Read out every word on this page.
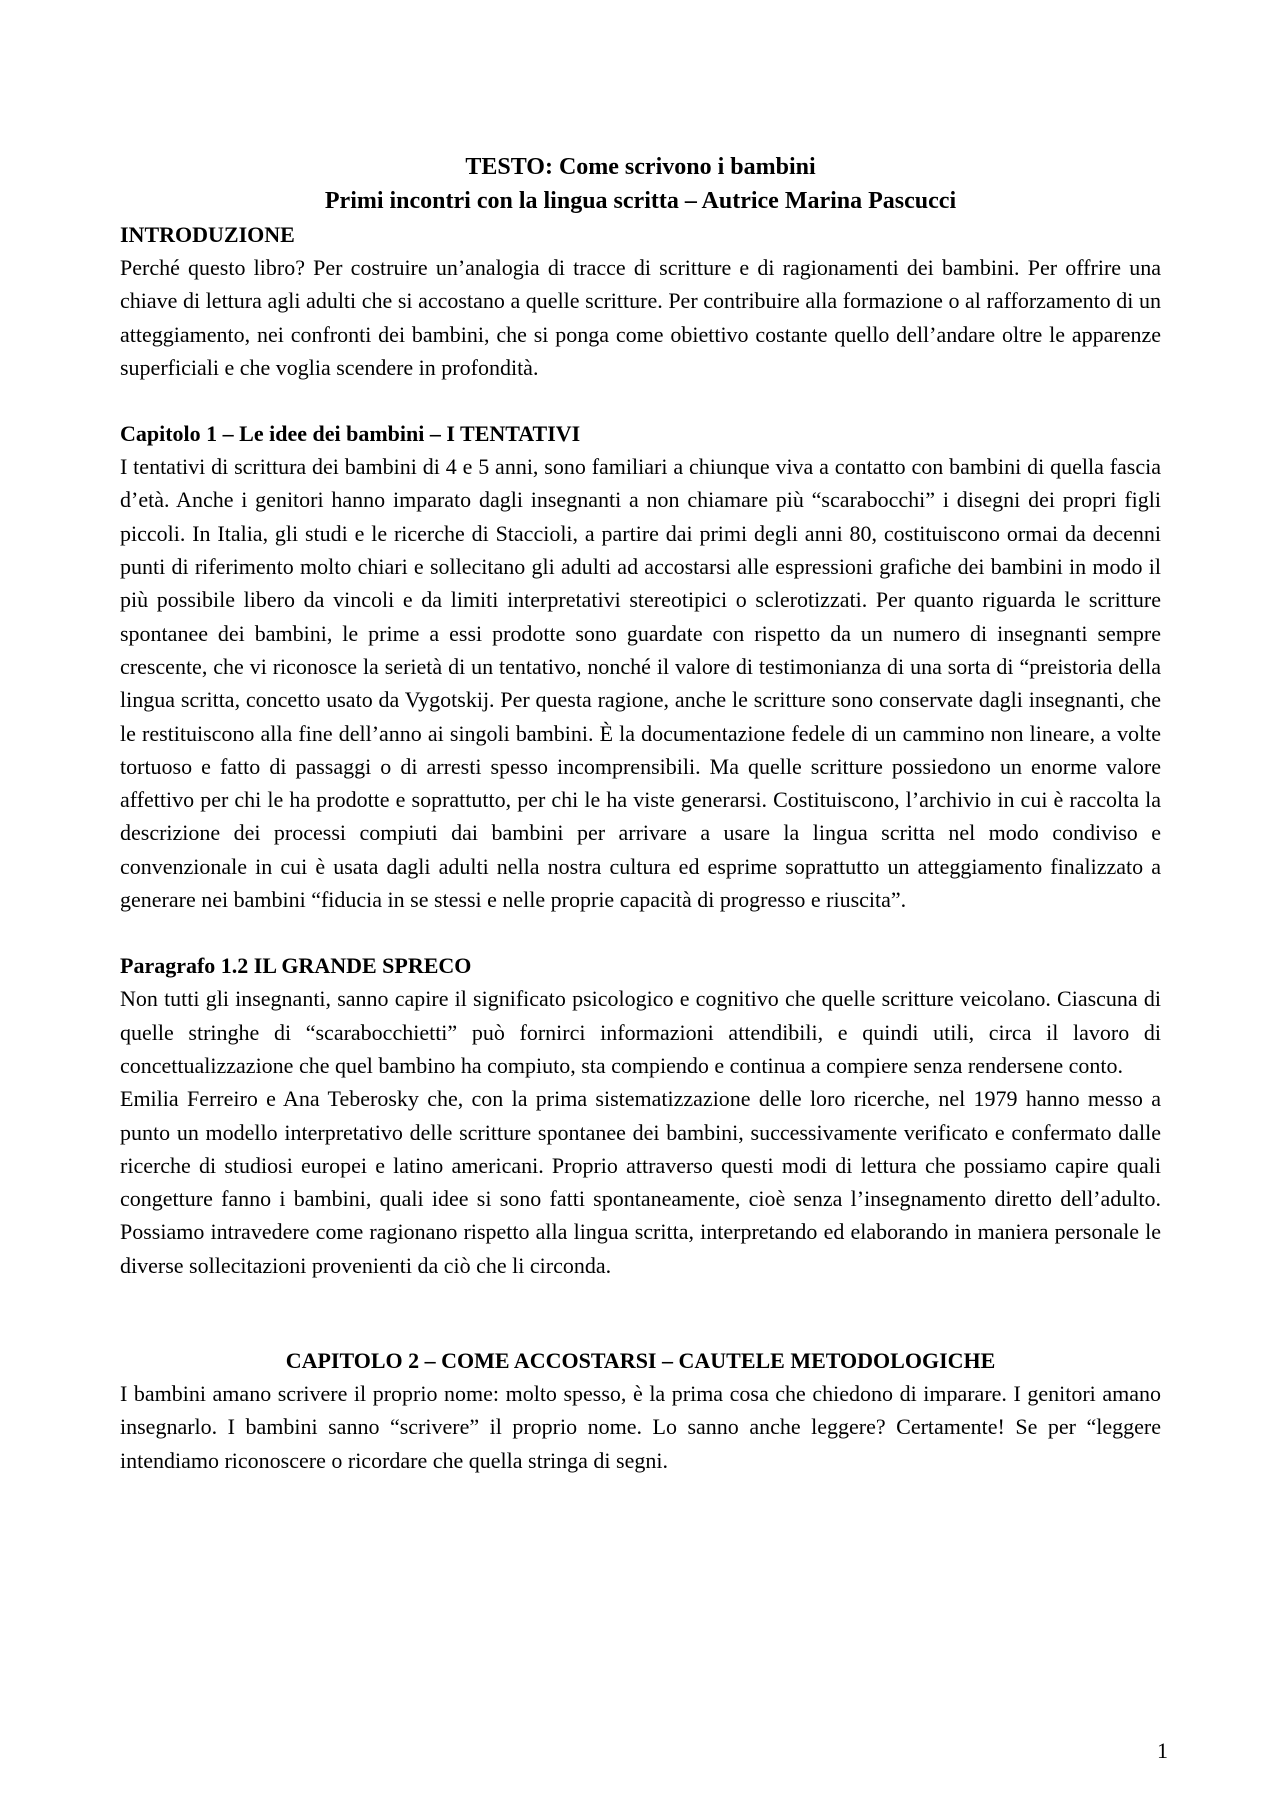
TESTO: Come scrivono i bambini
Primi incontri con la lingua scritta – Autrice Marina Pascucci
INTRODUZIONE

Perché questo libro? Per costruire un’analogia di tracce di scritture e di ragionamenti dei bambini. Per offrire una chiave di lettura agli adulti che si accostano a quelle scritture. Per contribuire alla formazione o al rafforzamento di un atteggiamento, nei confronti dei bambini, che si ponga come obiettivo costante quello dell’andare oltre le apparenze superficiali e che voglia scendere in profondità.

Capitolo 1 – Le idee dei bambini – I TENTATIVI

I tentativi di scrittura dei bambini di 4 e 5 anni, sono familiari a chiunque viva a contatto con bambini di quella fascia d’età. Anche i genitori hanno imparato dagli insegnanti a non chiamare più “scarabocchi” i disegni dei propri figli piccoli. In Italia, gli studi e le ricerche di Staccioli, a partire dai primi degli anni 80, costituiscono ormai da decenni punti di riferimento molto chiari e sollecitano gli adulti ad accostarsi alle espressioni grafiche dei bambini in modo il più possibile libero da vincoli e da limiti interpretativi stereotipici o sclerotizzati. Per quanto riguarda le scritture spontanee dei bambini, le prime a essi prodotte sono guardate con rispetto da un numero di insegnanti sempre crescente, che vi riconosce la serietà di un tentativo, nonché il valore di testimonianza di una sorta di “preistoria della lingua scritta, concetto usato da Vygotskij. Per questa ragione, anche le scritture sono conservate dagli insegnanti, che le restituiscono alla fine dell’anno ai singoli bambini. È la documentazione fedele di un cammino non lineare, a volte tortuoso e fatto di passaggi o di arresti spesso incomprensibili. Ma quelle scritture possiedono un enorme valore affettivo per chi le ha prodotte e soprattutto, per chi le ha viste generarsi. Costituiscono, l’archivio in cui è raccolta la descrizione dei processi compiuti dai bambini per arrivare a usare la lingua scritta nel modo condiviso e convenzionale in cui è usata dagli adulti nella nostra cultura ed esprime soprattutto un atteggiamento finalizzato a generare nei bambini “fiducia in se stessi e nelle proprie capacità di progresso e riuscita”.

Paragrafo 1.2 IL GRANDE SPRECO

Non tutti gli insegnanti, sanno capire il significato psicologico e cognitivo che quelle scritture veicolano. Ciascuna di quelle stringhe di “scarabocchietti” può fornirci informazioni attendibili, e quindi utili, circa il lavoro di concettualizzazione che quel bambino ha compiuto, sta compiendo e continua a compiere senza rendersene conto.

Emilia Ferreiro e Ana Teberosky che, con la prima sistematizzazione delle loro ricerche, nel 1979 hanno messo a punto un modello interpretativo delle scritture spontanee dei bambini, successivamente verificato e confermato dalle ricerche di studiosi europei e latino americani. Proprio attraverso questi modi di lettura che possiamo capire quali congetture fanno i bambini, quali idee si sono fatti spontaneamente, cioè senza l’insegnamento diretto dell’adulto. Possiamo intravedere come ragionano rispetto alla lingua scritta, interpretando ed elaborando in maniera personale le diverse sollecitazioni provenienti da ciò che li circonda.

CAPITOLO 2 – COME ACCOSTARSI – CAUTELE METODOLOGICHE

I bambini amano scrivere il proprio nome: molto spesso, è la prima cosa che chiedono di imparare. I genitori amano insegnarlo. I bambini sanno “scrivere” il proprio nome. Lo sanno anche leggere? Certamente! Se per “leggere intendiamo riconoscere o ricordare che quella stringa di segni.

1
